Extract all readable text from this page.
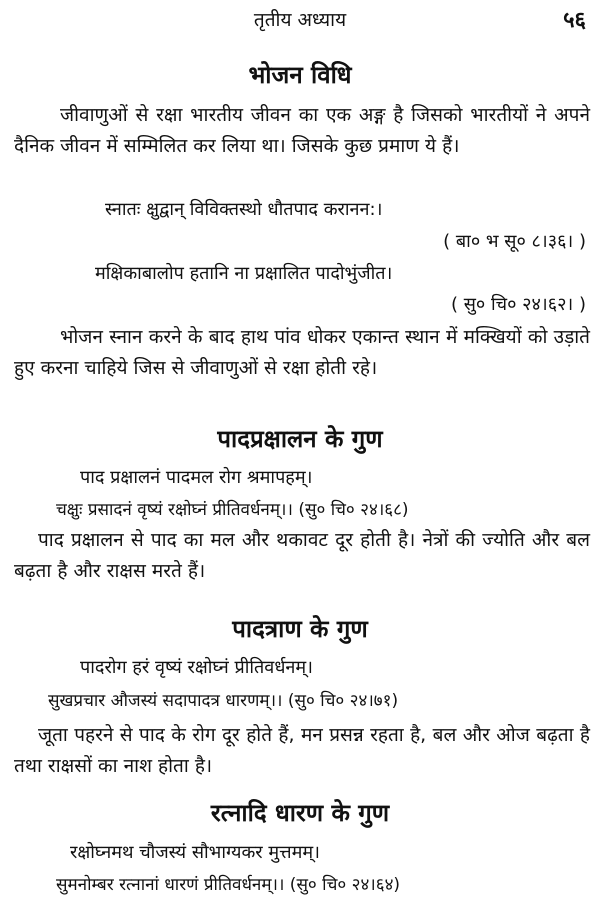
तृतीय अध्याय	५६
भोजन विधि
जीवाणुओं से रक्षा भारतीय जीवन का एक अङ्ग है जिसको भारतीयों ने अपने दैनिक जीवन में सम्मिलित कर लिया था। जिसके कुछ प्रमाण ये हैं।
स्नातः क्षुद्वान् विविक्तस्थो धौतपाद करानन:।
( बा० भ सू० ८।३६। )
मक्षिकाबालोप हतानि ना प्रक्षालित पादोभुंजीत।
( सु० चि० २४।६२। )
भोजन स्नान करने के बाद हाथ पांव धोकर एकान्त स्थान में मक्खियों को उड़ाते हुए करना चाहिये जिस से जीवाणुओं से रक्षा होती रहे।
पादप्रक्षालन के गुण
पाद प्रक्षालनं पादमल रोग श्रमापहम्।
चक्षुः प्रसादनं वृष्यं रक्षोघ्नं प्रीतिवर्धनम्।। (सु० चि० २४।६८)
पाद प्रक्षालन से पाद का मल और थकावट दूर होती है। नेत्रों की ज्योति और बल बढ़ता है और राक्षस मरते हैं।
पादत्राण के गुण
पादरोग हरं वृष्यं रक्षोघ्नं प्रीतिवर्धनम्।
सुखप्रचार औजस्यं सदापादत्र धारणम्।। (सु० चि० २४।७१)
जूता पहरने से पाद के रोग दूर होते हैं, मन प्रसन्न रहता है, बल और ओज बढ़ता है तथा राक्षसों का नाश होता है।
रत्नादि धारण के गुण
रक्षोघ्नमथ चौजस्यं सौभाग्यकर मुत्तमम्।
सुमनोम्बर रत्नानां धारणं प्रीतिवर्धनम्।। (सु० चि० २४।६४)
